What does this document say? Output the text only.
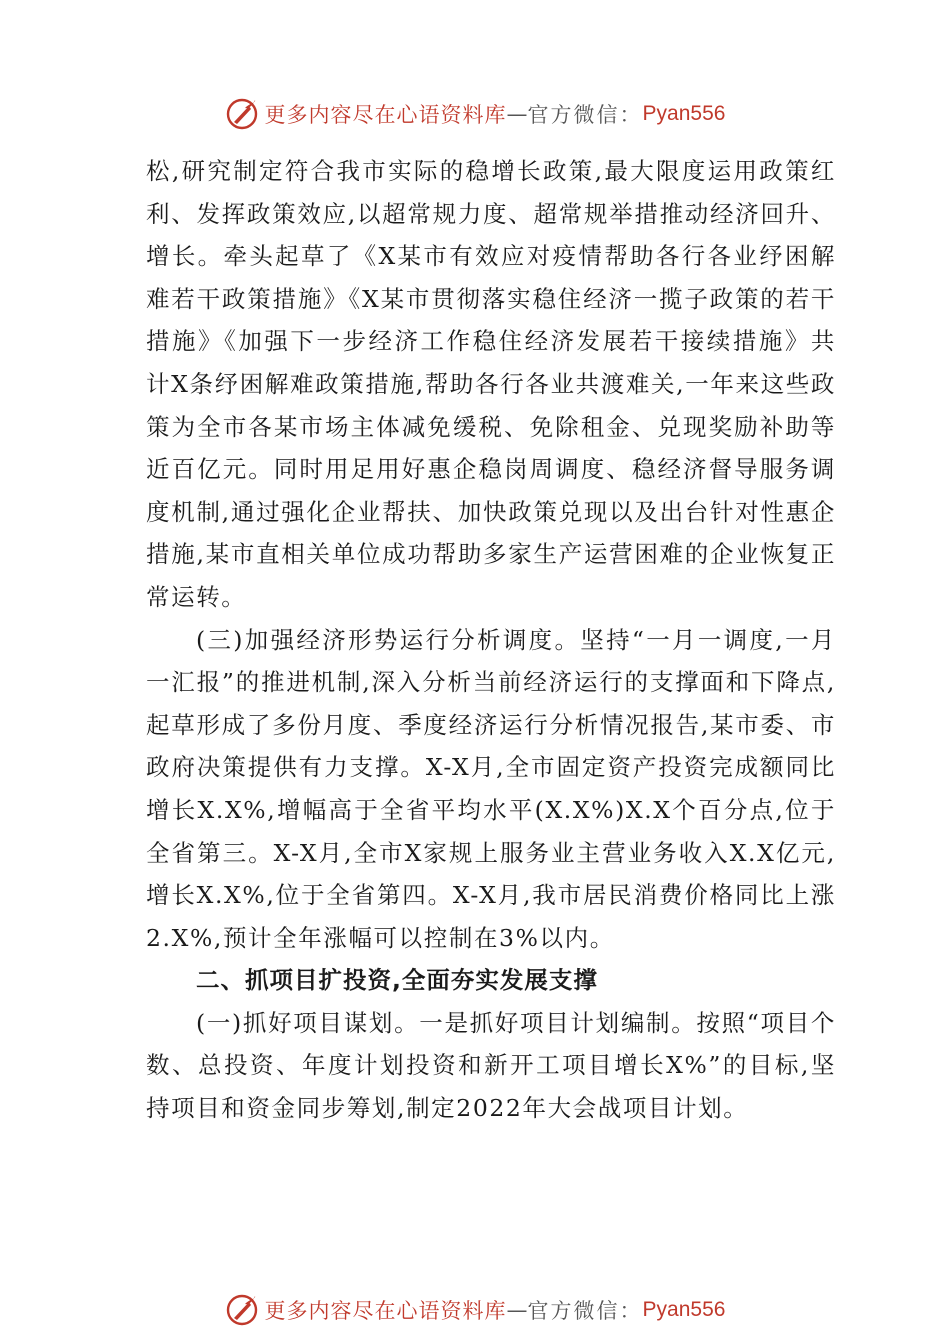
更多内容尽在心语资料库 — 官方微信： Pyan556

松,研究制定符合我市实际的稳增长政策,最大限度运用政策红利、发挥政策效应,以超常规力度、超常规举措推动经济回升、增长。牵头起草了《X某市有效应对疫情帮助各行各业纾困解难若干政策措施》《X某市贯彻落实稳住经济一揽子政策的若干措施》《加强下一步经济工作稳住经济发展若干接续措施》共计X条纾困解难政策措施,帮助各行各业共渡难关,一年来这些政策为全市各某市场主体减免缓税、免除租金、兑现奖励补助等近百亿元。同时用足用好惠企稳岗周调度、稳经济督导服务调度机制,通过强化企业帮扶、加快政策兑现以及出台针对性惠企措施,某市直相关单位成功帮助多家生产运营困难的企业恢复正常运转。

(三)加强经济形势运行分析调度。坚持“一月一调度,一月一汇报”的推进机制,深入分析当前经济运行的支撑面和下降点,起草形成了多份月度、季度经济运行分析情况报告,某市委、市政府决策提供有力支撑。X-X月,全市固定资产投资完成额同比增长X.X%,增幅高于全省平均水平(X.X%)X.X个百分点,位于全省第三。X-X月,全市X家规上服务业主营业务收入X.X亿元,增长X.X%,位于全省第四。X-X月,我市居民消费价格同比上涨2.X%,预计全年涨幅可以控制在3%以内。

二、抓项目扩投资,全面夯实发展支撑

(一)抓好项目谋划。一是抓好项目计划编制。按照“项目个数、总投资、年度计划投资和新开工项目增长X%”的目标,坚持项目和资金同步筹划,制定2022年大会战项目计划。

更多内容尽在心语资料库 — 官方微信： Pyan556
